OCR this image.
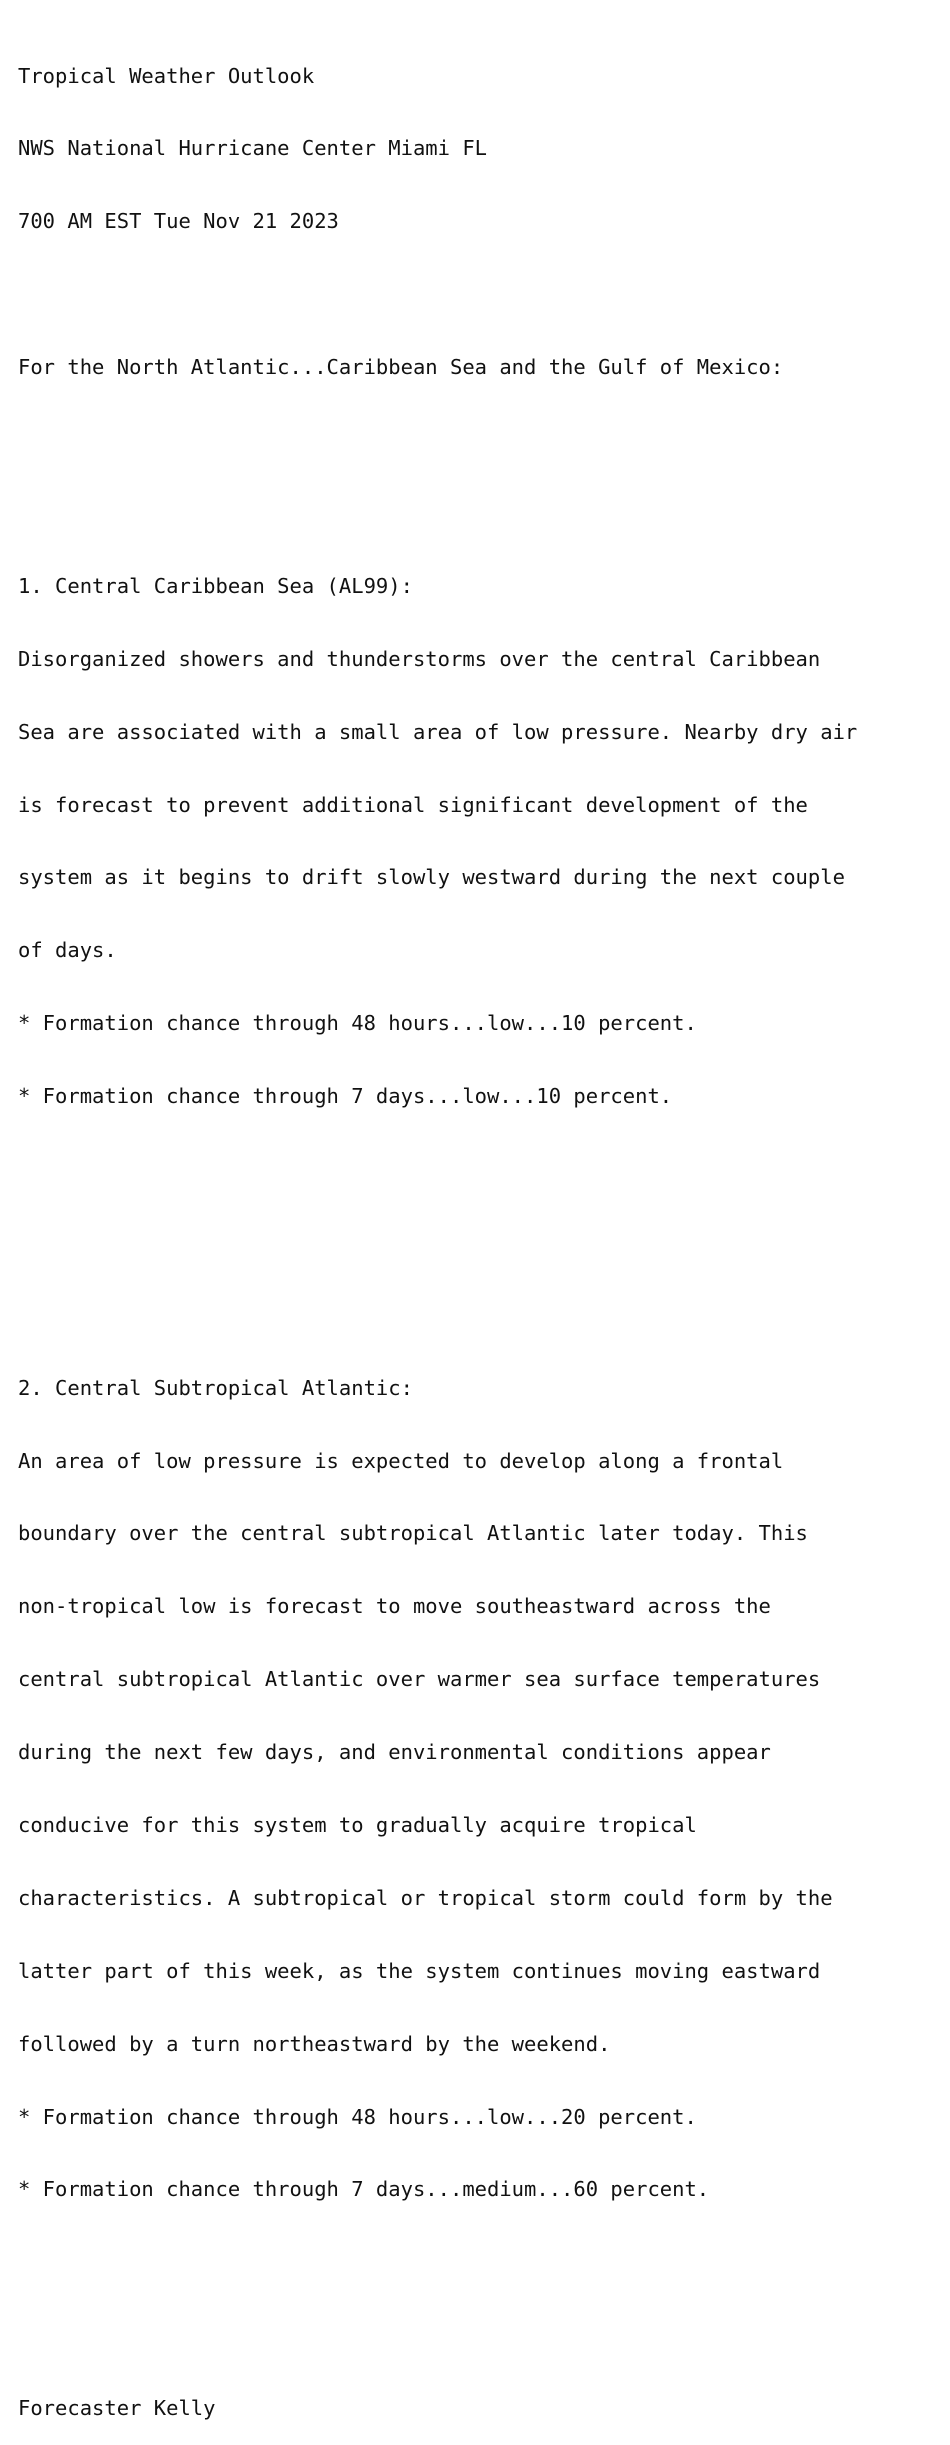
Tropical Weather Outlook

NWS National Hurricane Center Miami FL

700 AM EST Tue Nov 21 2023

For the North Atlantic...Caribbean Sea and the Gulf of Mexico:

1. Central Caribbean Sea (AL99):

Disorganized showers and thunderstorms over the central Caribbean

Sea are associated with a small area of low pressure. Nearby dry air

is forecast to prevent additional significant development of the

system as it begins to drift slowly westward during the next couple

of days.

* Formation chance through 48 hours...low...10 percent.

* Formation chance through 7 days...low...10 percent.

2. Central Subtropical Atlantic:

An area of low pressure is expected to develop along a frontal

boundary over the central subtropical Atlantic later today. This

non-tropical low is forecast to move southeastward across the

central subtropical Atlantic over warmer sea surface temperatures

during the next few days, and environmental conditions appear

conducive for this system to gradually acquire tropical

characteristics. A subtropical or tropical storm could form by the

latter part of this week, as the system continues moving eastward

followed by a turn northeastward by the weekend.

* Formation chance through 48 hours...low...20 percent.

* Formation chance through 7 days...medium...60 percent.

Forecaster Kelly
